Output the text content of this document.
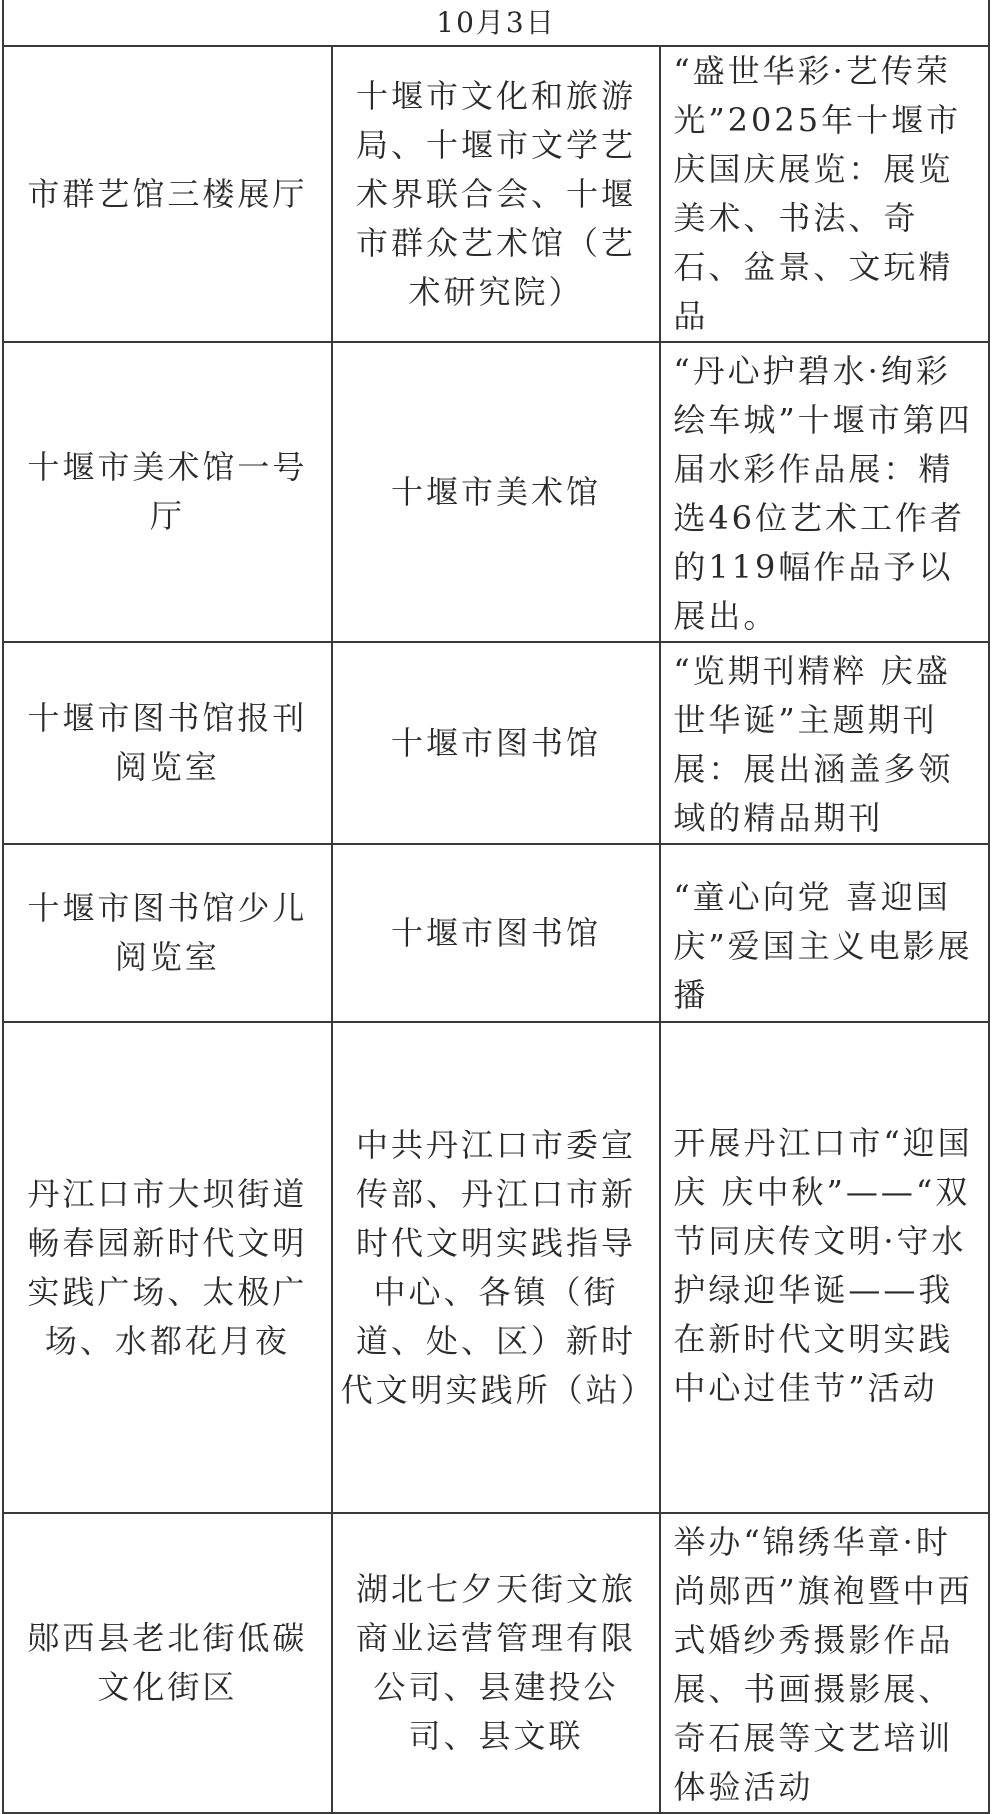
10月3日		

市群艺馆三楼展厅	十堰市文化和旅游局、十堰市文学艺术界联合会、十堰市群众艺术馆（艺术研究院）	“盛世华彩·艺传荣光”2025年十堰市庆国庆展览：展览美术、书法、奇石、盆景、文玩精品

十堰市美术馆一号厅	十堰市美术馆	“丹心护碧水·绚彩绘车城”十堰市第四届水彩作品展：精选46位艺术工作者的119幅作品予以展出。

十堰市图书馆报刊阅览室	十堰市图书馆	“览期刊精粹 庆盛世华诞”主题期刊展：展出涵盖多领域的精品期刊

十堰市图书馆少儿阅览室	十堰市图书馆	“童心向党 喜迎国庆”爱国主义电影展播

丹江口市大坝街道畅春园新时代文明实践广场、太极广场、水都花月夜	中共丹江口市委宣传部、丹江口市新时代文明实践指导中心、各镇（街道、处、区）新时代文明实践所（站）	开展丹江口市“迎国庆 庆中秋”——“双节同庆传文明·守水护绿迎华诞——我在新时代文明实践中心过佳节”活动

郧西县老北街低碳文化街区	湖北七夕天街文旅商业运营管理有限公司、县建投公司、县文联	举办“锦绣华章·时尚郧西”旗袍暨中西式婚纱秀摄影作品展、书画摄影展、奇石展等文艺培训体验活动
